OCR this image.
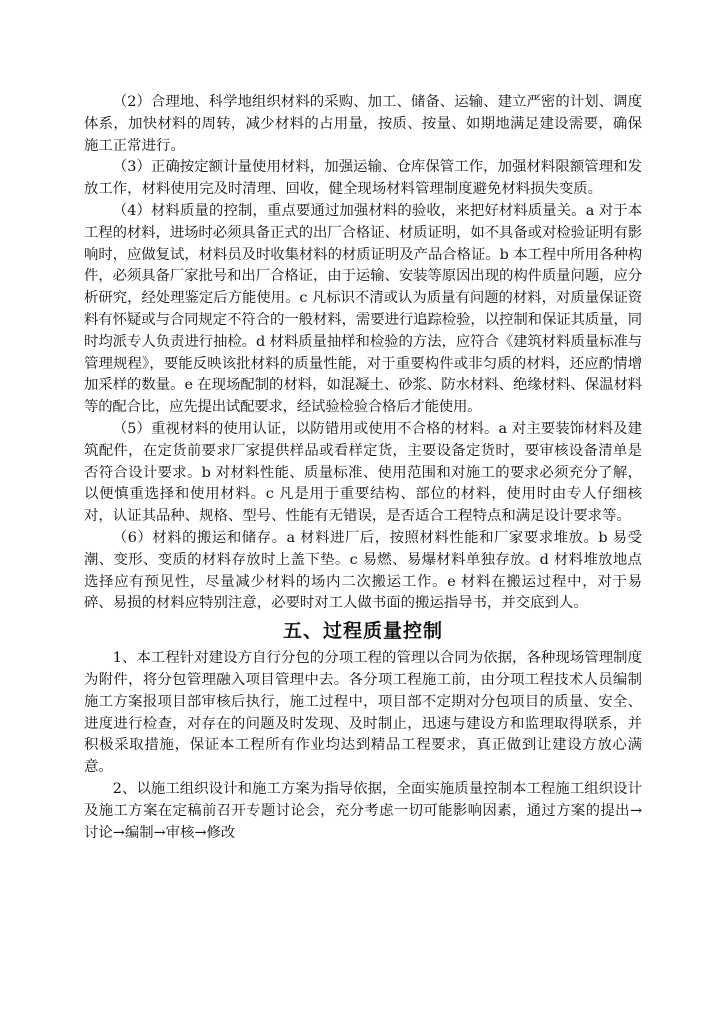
（2）合理地、科学地组织材料的采购、加工、储备、运输、建立严密的计划、调度体系，加快材料的周转，减少材料的占用量，按质、按量、如期地满足建设需要，确保施工正常进行。

（3）正确按定额计量使用材料，加强运输、仓库保管工作，加强材料限额管理和发放工作，材料使用完及时清理、回收，健全现场材料管理制度避免材料损失变质。

（4）材料质量的控制，重点要通过加强材料的验收，来把好材料质量关。a 对于本工程的材料，进场时必须具备正式的出厂合格证、材质证明，如不具备或对检验证明有影响时，应做复试，材料员及时收集材料的材质证明及产品合格证。b 本工程中所用各种构件，必须具备厂家批号和出厂合格证，由于运输、安装等原因出现的构件质量问题，应分析研究，经处理鉴定后方能使用。c 凡标识不清或认为质量有问题的材料，对质量保证资料有怀疑或与合同规定不符合的一般材料，需要进行追踪检验，以控制和保证其质量，同时均派专人负责进行抽检。d 材料质量抽样和检验的方法，应符合《建筑材料质量标准与管理规程》，要能反映该批材料的质量性能，对于重要构件或非匀质的材料，还应酌情增加采样的数量。e 在现场配制的材料，如混凝土、砂浆、防水材料、绝缘材料、保温材料等的配合比，应先提出试配要求，经试验检验合格后才能使用。

（5）重视材料的使用认证，以防错用或使用不合格的材料。a 对主要装饰材料及建筑配件，在定货前要求厂家提供样品或看样定货，主要设备定货时，要审核设备清单是否符合设计要求。b 对材料性能、质量标准、使用范围和对施工的要求必须充分了解，以便慎重选择和使用材料。c 凡是用于重要结构、部位的材料，使用时由专人仔细核对，认证其品种、规格、型号、性能有无错误，是否适合工程特点和满足设计要求等。

（6）材料的搬运和储存。a 材料进厂后，按照材料性能和厂家要求堆放。b 易受潮、变形、变质的材料存放时上盖下垫。c 易燃、易爆材料单独存放。d 材料堆放地点选择应有预见性，尽量减少材料的场内二次搬运工作。e 材料在搬运过程中，对于易碎、易损的材料应特别注意，必要时对工人做书面的搬运指导书，并交底到人。

五、过程质量控制

1、本工程针对建设方自行分包的分项工程的管理以合同为依据，各种现场管理制度为附件，将分包管理融入项目管理中去。各分项工程施工前，由分项工程技术人员编制施工方案报项目部审核后执行，施工过程中，项目部不定期对分包项目的质量、安全、进度进行检查，对存在的问题及时发现、及时制止，迅速与建设方和监理取得联系，并积极采取措施，保证本工程所有作业均达到精品工程要求，真正做到让建设方放心满意。

2、以施工组织设计和施工方案为指导依据，全面实施质量控制本工程施工组织设计及施工方案在定稿前召开专题讨论会，充分考虑一切可能影响因素，通过方案的提出→讨论→编制→审核→修改
